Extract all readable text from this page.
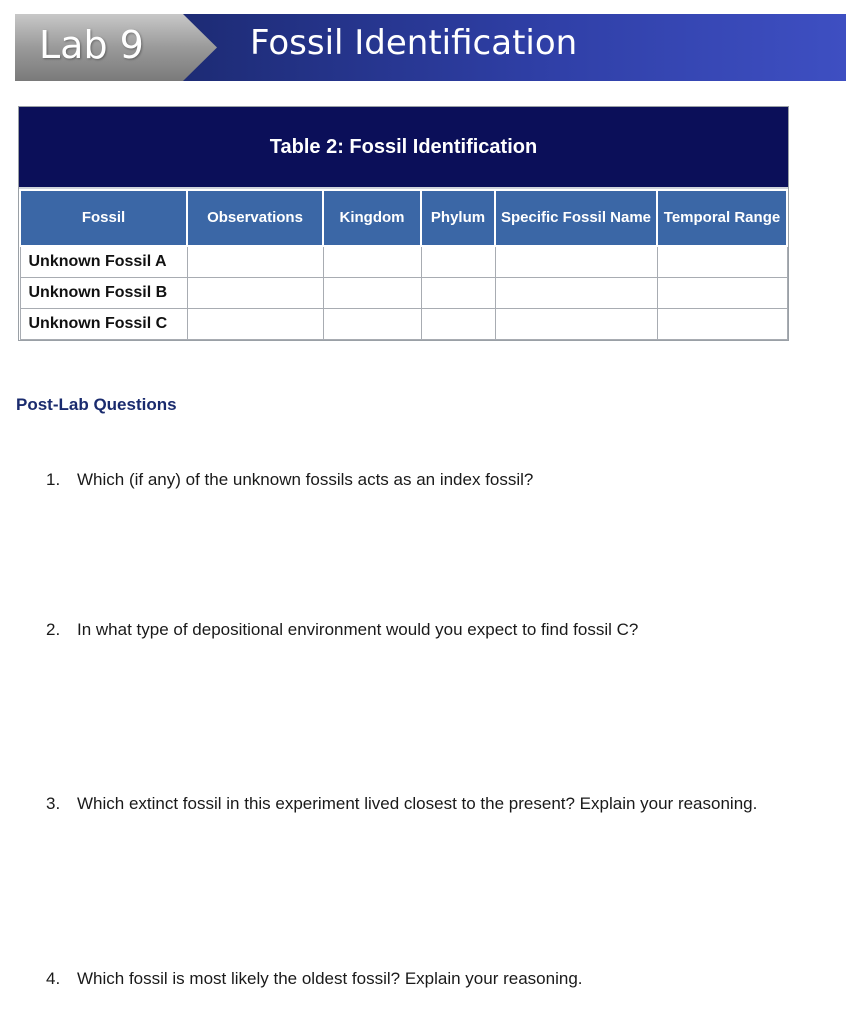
Lab 9	Fossil Identification
Table 2: Fossil Identification
Fossil	Observations	Kingdom	Phylum	Specific Fossil Name	Temporal Range
Unknown Fossil A					
Unknown Fossil B					
Unknown Fossil C					
Post-Lab Questions
1. Which (if any) of the unknown fossils acts as an index fossil?
2. In what type of depositional environment would you expect to find fossil C?
3. Which extinct fossil in this experiment lived closest to the present? Explain your reasoning.
4. Which fossil is most likely the oldest fossil? Explain your reasoning.
